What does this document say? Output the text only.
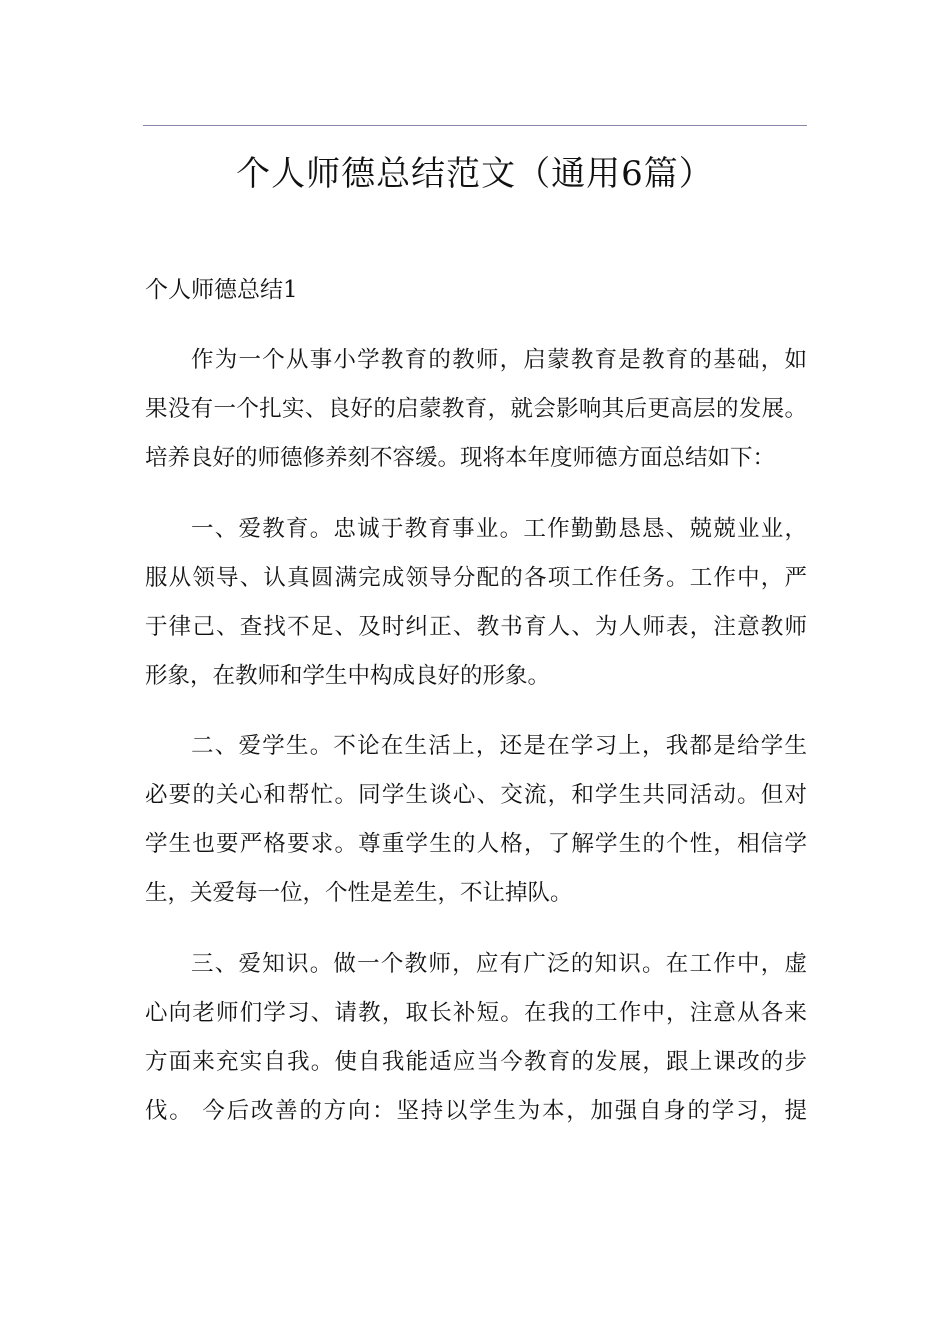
个人师德总结范文（通用6篇）
个人师德总结1
作为一个从事小学教育的教师，启蒙教育是教育的基础，如
果没有一个扎实、良好的启蒙教育，就会影响其后更高层的发展。
培养良好的师德修养刻不容缓。现将本年度师德方面总结如下：
一、爱教育。忠诚于教育事业。工作勤勤恳恳、兢兢业业，
服从领导、认真圆满完成领导分配的各项工作任务。工作中，严
于律己、查找不足、及时纠正、教书育人、为人师表，注意教师
形象，在教师和学生中构成良好的形象。
二、爱学生。不论在生活上，还是在学习上，我都是给学生
必要的关心和帮忙。同学生谈心、交流，和学生共同活动。但对
学生也要严格要求。尊重学生的人格，了解学生的个性，相信学
生，关爱每一位，个性是差生，不让掉队。
三、爱知识。做一个教师，应有广泛的知识。在工作中，虚
心向老师们学习、请教，取长补短。在我的工作中，注意从各来
方面来充实自我。使自我能适应当今教育的发展，跟上课改的步
伐。 今后改善的方向：坚持以学生为本，加强自身的学习，提
